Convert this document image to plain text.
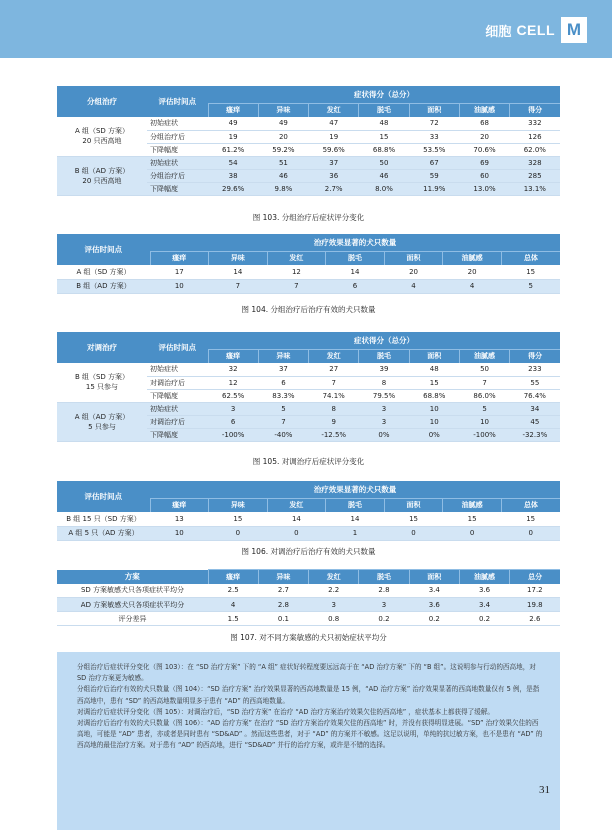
细胞 CELL M
分组治疗	评估时间点	症状得分（总分）						
		瘙痒	异味	发红	脱毛	面积	油腻感	得分

A 组（SD 方案）
20 只西高地	初始症状	49	49	47	48	72	68	332
	分组治疗后	19	20	19	15	33	20	126
	下降幅度	61.2%	59.2%	59.6%	68.8%	53.5%	70.6%	62.0%

B 组（AD 方案）
20 只西高地	初始症状	54	51	37	50	67	69	328
	分组治疗后	38	46	36	46	59	60	285
	下降幅度	29.6%	9.8%	2.7%	8.0%	11.9%	13.0%	13.1%
图 103. 分组治疗后症状评分变化
评估时间点	治疗效果显著的犬只数量						
	瘙痒	异味	发红	脱毛	面积	油腻感	总体
A 组（SD 方案）	17	14	12	14	20	20	15
B 组（AD 方案）	10	7	7	6	4	4	5
图 104. 分组治疗后治疗有效的犬只数量
对调治疗	评估时间点	症状得分（总分）						
		瘙痒	异味	发红	脱毛	面积	油腻感	得分

B 组（SD 方案）
15 只参与	初始症状	32	37	27	39	48	50	233
	对调治疗后	12	6	7	8	15	7	55
	下降幅度	62.5%	83.3%	74.1%	79.5%	68.8%	86.0%	76.4%

A 组（AD 方案）
5 只参与	初始症状	3	5	8	3	10	5	34
	对调治疗后	6	7	9	3	10	10	45
	下降幅度	-100%	-40%	-12.5%	0%	0%	-100%	-32.3%
图 105. 对调治疗后症状评分变化
评估时间点	治疗效果显著的犬只数量						
	瘙痒	异味	发红	脱毛	面积	油腻感	总体
B 组 15 只（SD 方案）	13	15	14	14	15	15	15
A 组 5 只（AD 方案）	10	0	0	1	0	0	0
图 106. 对调治疗后治疗有效的犬只数量
方案	瘙痒	异味	发红	脱毛	面积	油腻感	总分
SD 方案敏感犬只各项症状平均分	2.5	2.7	2.2	2.8	3.4	3.6	17.2
AD 方案敏感犬只各项症状平均分	4	2.8	3	3	3.6	3.4	19.8
评分差异	1.5	0.1	0.8	0.2	0.2	0.2	2.6
图 107. 对不同方案敏感的犬只初始症状平均分

分组治疗后症状评分变化（图 103）：在 “SD 治疗方案” 下的 “A 组” 症状好转程度要远远高于在 “AD 治疗方案” 下的 “B 组”。这说明参与行动的西高地，对 SD 治疗方案更为敏感。

分组治疗后治疗有效的犬只数量（图 104）：“SD 治疗方案” 治疗效果显著的西高地数量是 15 例，“AD 治疗方案” 治疗效果显著的西高地数量仅有 5 例，是指西高地中，患有 “SD” 的西高地数量明显多于患有 “AD” 的西高地数量。

对调治疗后症状评分变化（图 105）：对调治疗后，“SD 治疗方案” 在治疗 “AD 治疗方案治疗效果欠佳的西高地” ，症状基本上都获得了缓解。

对调治疗后治疗有效的犬只数量（图 106）：“AD 治疗方案” 在治疗 “SD 治疗方案治疗效果欠佳的西高地” 时，并没有获得明显进展。“SD” 治疗效果欠佳的西高地，可能是 “AD” 患者，亦或者是同时患有 “SD&AD” 。然而这些患者，对于 “AD” 的方案并不敏感。这足以说明，单纯的抗过敏方案，也不是患有 “AD” 的西高地的最佳治疗方案。对于患有 “AD” 的西高地，进行 “SD&AD” 并行的治疗方案，或许是不错的选择。

31
